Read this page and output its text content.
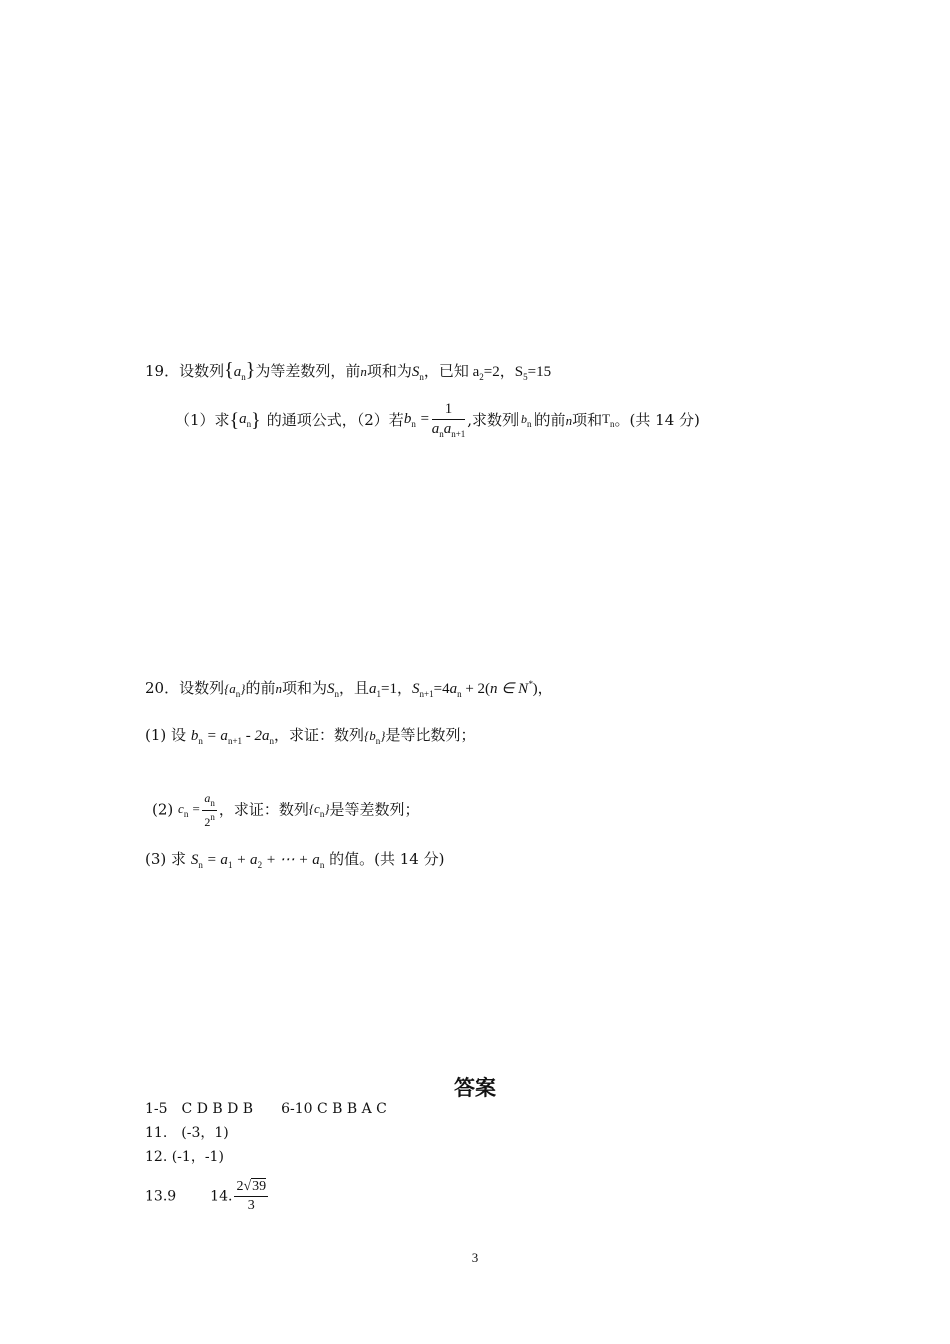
19．设数列$\{a_n\}$为等差数列，前n项和为$S_n$，已知 $a_2=2$，$S_5=15$
（1）求$\{a_n\}$ 的通项公式，（2）若$b_n = \frac{1}{a_na_{n+1}}$ ,求数列 $b_n$ 的前n项和$T_n$。(共 14 分)
20．设数列$\{a_n\}$的前n项和为$S_n$，且$a_1=1$，$S_{n+1}=4a_n + 2(n$ ∈ N*)，
(1) 设 $b_n = a_{n+1} - 2a_n$，求证：数列$\{b_n\}$是等比数列；
(2) $c_n = \frac{a_n}{2^n}$ ，求证：数列$\{c_n\}$是等差数列；
(3) 求 $S_n = a_1 + a_2$ + ⋯ + $a_n$ 的值。(共 14 分)
答案
1-5　C D B D B　　6-10 C B B A C
11.　(-3，1)
12. (-1，-1)
13.9 14. $\frac{2√39}{3}$
3
